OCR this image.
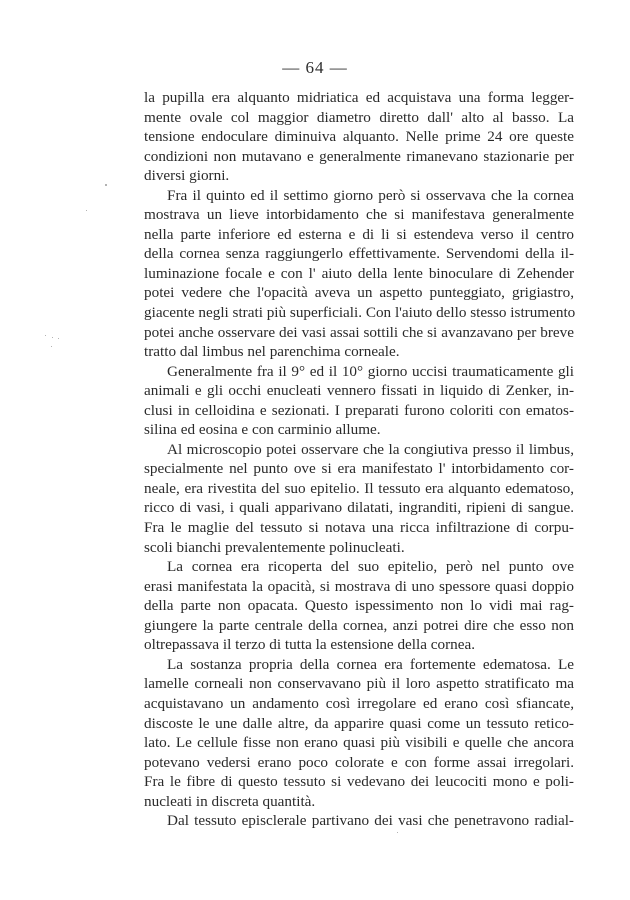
— 64 —
la pupilla era alquanto midriatica ed acquistava una forma legger-
mente ovale col maggior diametro diretto dall' alto al basso. La
tensione endoculare diminuiva alquanto. Nelle prime 24 ore queste
condizioni non mutavano e generalmente rimanevano stazionarie per
diversi giorni.
Fra il quinto ed il settimo giorno però si osservava che la cornea
mostrava un lieve intorbidamento che si manifestava generalmente
nella parte inferiore ed esterna e di li si estendeva verso il centro
della cornea senza raggiungerlo effettivamente. Servendomi della il-
luminazione focale e con l' aiuto della lente binoculare di Zehender
potei vedere che l'opacità aveva un aspetto punteggiato, grigiastro,
giacente negli strati più superficiali. Con l'aiuto dello stesso istrumento
potei anche osservare dei vasi assai sottili che si avanzavano per breve
tratto dal limbus nel parenchima corneale.
Generalmente fra il 9° ed il 10° giorno uccisi traumaticamente gli
animali e gli occhi enucleati vennero fissati in liquido di Zenker, in-
clusi in celloidina e sezionati. I preparati furono coloriti con ematos-
silina ed eosina e con carminio allume.
Al microscopio potei osservare che la congiutiva presso il limbus,
specialmente nel punto ove si era manifestato l' intorbidamento cor-
neale, era rivestita del suo epitelio. Il tessuto era alquanto edematoso,
ricco di vasi, i quali apparivano dilatati, ingranditi, ripieni di sangue.
Fra le maglie del tessuto si notava una ricca infiltrazione di corpu-
scoli bianchi prevalentemente polinucleati.
La cornea era ricoperta del suo epitelio, però nel punto ove
erasi manifestata la opacità, si mostrava di uno spessore quasi doppio
della parte non opacata. Questo ispessimento non lo vidi mai rag-
giungere la parte centrale della cornea, anzi potrei dire che esso non
oltrepassava il terzo di tutta la estensione della cornea.
La sostanza propria della cornea era fortemente edematosa. Le
lamelle corneali non conservavano più il loro aspetto stratificato ma
acquistavano un andamento così irregolare ed erano così sfiancate,
discoste le une dalle altre, da apparire quasi come un tessuto retico-
lato. Le cellule fisse non erano quasi più visibili e quelle che ancora
potevano vedersi erano poco colorate e con forme assai irregolari.
Fra le fibre di questo tessuto si vedevano dei leucociti mono e poli-
nucleati in discreta quantità.
Dal tessuto episclerale partivano dei vasi che penetravono radial-
